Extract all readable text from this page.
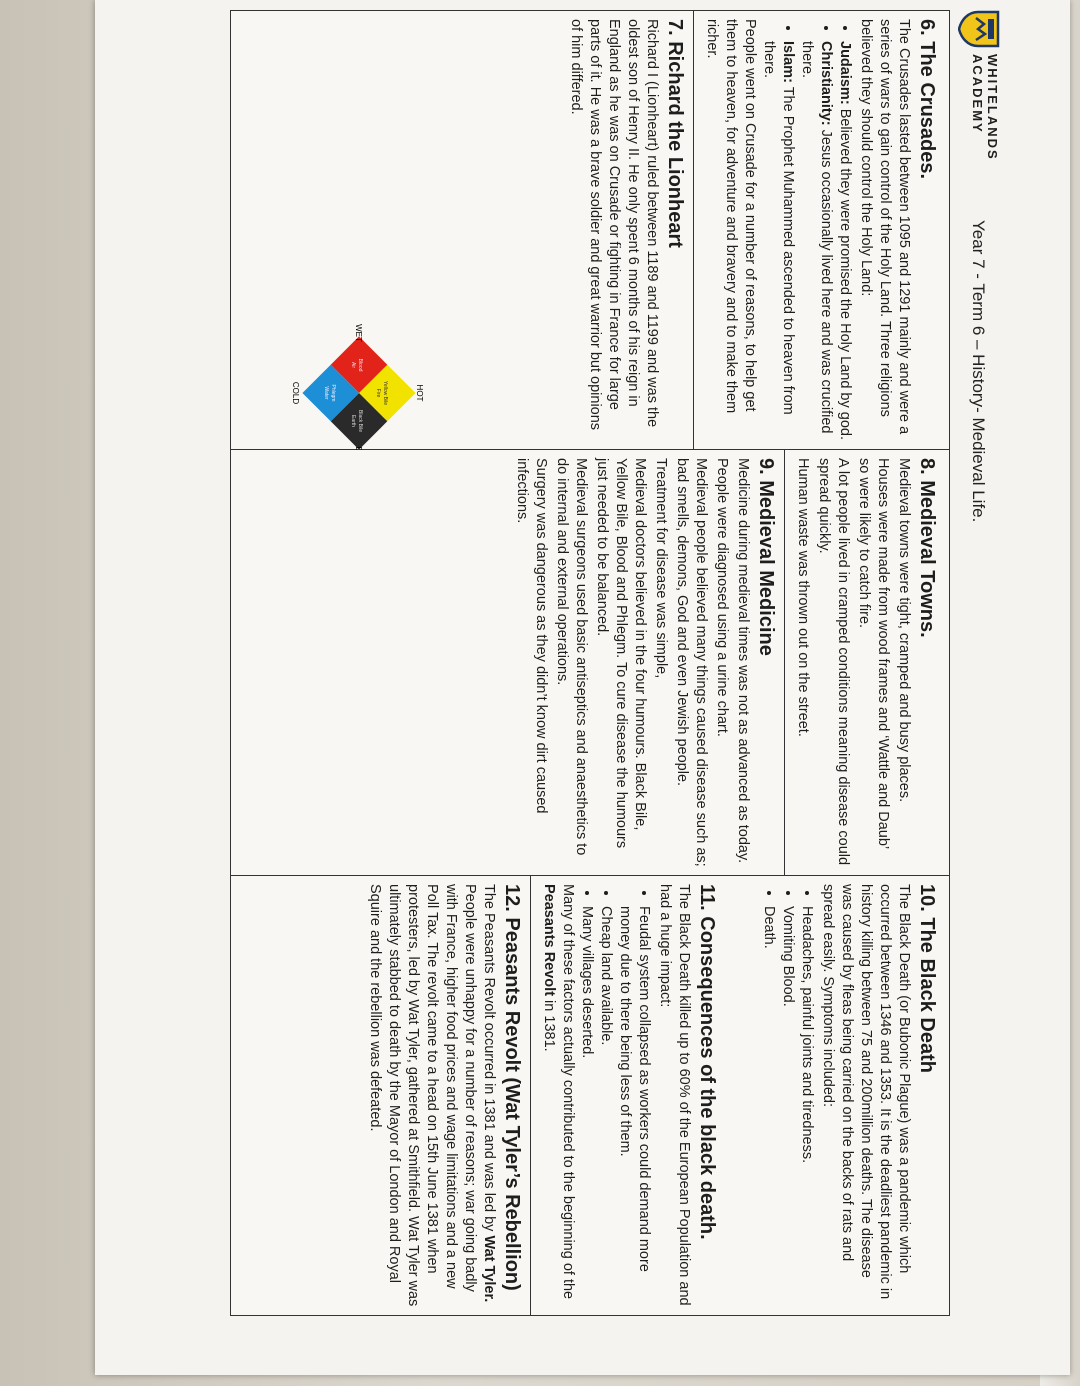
WHITELANDS
ACADEMY
Year 7 - Term 6 – History- Medieval Life.
6. The Crusades.

The Crusades lasted between 1095 and 1291 mainly and were a series of wars to gain control of the Holy Land. Three religions believed they should control the Holy Land:

• Judaism: Believed they were promised the Holy Land by god.
• Christianity: Jesus occasionally lived here and was crucified there.
• Islam: The Prophet Muhammed ascended to heaven from there.

People went on Crusade for a number of reasons, to help get them to heaven, for adventure and bravery and to make them richer.

7. Richard the Lionheart

Richard I (Lionheart) ruled between 1189 and 1199 and was the oldest son of Henry II. He only spent 6 months of his reign in England as he was on Crusade or fighting in France for large parts of it. He was a brave soldier and great warrior but opinions of him differed.

HOT
COLD
WET
Yellow Bile
Fire
Black Bile
Earth
Blood
Air
Phlegm
Water
8. Medieval Towns.

Medieval towns were tight, cramped and busy places.

Houses were made from wood frames and ‘Wattle and Daub’ so were likely to catch fire.

A lot people lived in cramped conditions meaning disease could spread quickly.

Human waste was thrown out on the street.

9. Medieval Medicine

Medicine during medieval times was not as advanced as today.

People were diagnosed using a urine chart.

Medieval people believed many things caused disease such as; bad smells, demons, God and even Jewish people.

Treatment for disease was simple,

Medieval doctors believed in the four humours. Black Bile, Yellow Bile, Blood and Phlegm. To cure disease the humours just needed to be balanced.

Medieval surgeons used basic antiseptics and anaesthetics to do internal and external operations.

Surgery was dangerous as they didn’t know dirt caused infections.

10. The Black Death

The Black Death (or Bubonic Plague) was a pandemic which occurred between 1346 and 1353. It is the deadliest pandemic in history killing between 75 and 200million deaths. The disease was caused by fleas being carried on the backs of rats and spread easily. Symptoms included:

• Headaches, painful joints and tiredness.
• Vomiting Blood.
• Death.
11. Consequences of the black death.

The Black Death killed up to 60% of the European Population and had a huge impact:

• Feudal system collapsed as workers could demand more money due to there being less of them.
• Cheap land available.
• Many villages deserted.

Many of these factors actually contributed to the beginning of the Peasants Revolt in 1381.

12. Peasants Revolt (Wat Tyler’s Rebellion)

The Peasants Revolt occurred in 1381 and was led by Wat Tyler. People were unhappy for a number of reasons; war going badly with France, higher food prices and wage limitations and a new Poll Tax. The revolt came to a head on 15th June 1381 when protesters, led by Wat Tyler, gathered at Smithfield. Wat Tyler was ultimately stabbed to death by the Mayor of London and Royal Squire and the rebellion was defeated.
